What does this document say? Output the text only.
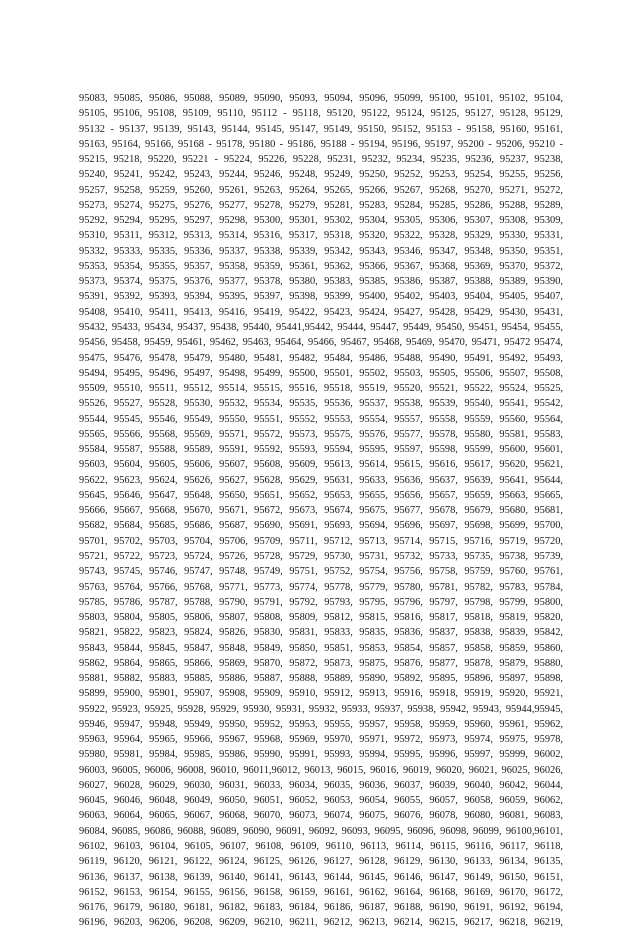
95083, 95085, 95086, 95088, 95089, 95090, 95093, 95094, 95096, 95099, 95100, 95101, 95102, 95104,
95105, 95106, 95108, 95109, 95110, 95112 - 95118, 95120, 95122, 95124, 95125, 95127, 95128, 95129,
95132 - 95137, 95139, 95143, 95144, 95145, 95147, 95149, 95150, 95152, 95153 - 95158, 95160, 95161,
95163, 95164, 95166, 95168 - 95178, 95180 - 95186, 95188 - 95194, 95196, 95197, 95200 - 95206, 95210 -
95215, 95218, 95220, 95221 - 95224, 95226, 95228, 95231, 95232, 95234, 95235, 95236, 95237, 95238,
95240, 95241, 95242, 95243, 95244, 95246, 95248, 95249, 95250, 95252, 95253, 95254, 95255, 95256,
95257, 95258, 95259, 95260, 95261, 95263, 95264, 95265, 95266, 95267, 95268, 95270, 95271, 95272,
95273, 95274, 95275, 95276, 95277, 95278, 95279, 95281, 95283, 95284, 95285, 95286, 95288, 95289,
95292, 95294, 95295, 95297, 95298, 95300, 95301, 95302, 95304, 95305, 95306, 95307, 95308, 95309,
95310, 95311, 95312, 95313, 95314, 95316, 95317, 95318, 95320, 95322, 95328, 95329, 95330, 95331,
95332, 95333, 95335, 95336, 95337, 95338, 95339, 95342, 95343, 95346, 95347, 95348, 95350, 95351,
95353, 95354, 95355, 95357, 95358, 95359, 95361, 95362, 95366, 95367, 95368, 95369, 95370, 95372,
95373, 95374, 95375, 95376, 95377, 95378, 95380, 95383, 95385, 95386, 95387, 95388, 95389, 95390,
95391, 95392, 95393, 95394, 95395, 95397, 95398, 95399, 95400, 95402, 95403, 95404, 95405, 95407,
95408, 95410, 95411, 95413, 95416, 95419, 95422, 95423, 95424, 95427, 95428, 95429, 95430, 95431,
95432, 95433, 95434, 95437, 95438, 95440, 95441,95442, 95444, 95447, 95449, 95450, 95451, 95454, 95455,
95456, 95458, 95459, 95461, 95462, 95463, 95464, 95466, 95467, 95468, 95469, 95470, 95471, 95472 95474,
95475, 95476, 95478, 95479, 95480, 95481, 95482, 95484, 95486, 95488, 95490, 95491, 95492, 95493,
95494, 95495, 95496, 95497, 95498, 95499, 95500, 95501, 95502, 95503, 95505, 95506, 95507, 95508,
95509, 95510, 95511, 95512, 95514, 95515, 95516, 95518, 95519, 95520, 95521, 95522, 95524, 95525,
95526, 95527, 95528, 95530, 95532, 95534, 95535, 95536, 95537, 95538, 95539, 95540, 95541, 95542,
95544, 95545, 95546, 95549, 95550, 95551, 95552, 95553, 95554, 95557, 95558, 95559, 95560, 95564,
95565, 95566, 95568, 95569, 95571, 95572, 95573, 95575, 95576, 95577, 95578, 95580, 95581, 95583,
95584, 95587, 95588, 95589, 95591, 95592, 95593, 95594, 95595, 95597, 95598, 95599, 95600, 95601,
95603, 95604, 95605, 95606, 95607, 95608, 95609, 95613, 95614, 95615, 95616, 95617, 95620, 95621,
95622, 95623, 95624, 95626, 95627, 95628, 95629, 95631, 95633, 95636, 95637, 95639, 95641, 95644,
95645, 95646, 95647, 95648, 95650, 95651, 95652, 95653, 95655, 95656, 95657, 95659, 95663, 95665,
95666, 95667, 95668, 95670, 95671, 95672, 95673, 95674, 95675, 95677, 95678, 95679, 95680, 95681,
95682, 95684, 95685, 95686, 95687, 95690, 95691, 95693, 95694, 95696, 95697, 95698, 95699, 95700,
95701, 95702, 95703, 95704, 95706, 95709, 95711, 95712, 95713, 95714, 95715, 95716, 95719, 95720,
95721, 95722, 95723, 95724, 95726, 95728, 95729, 95730, 95731, 95732, 95733, 95735, 95738, 95739,
95743, 95745, 95746, 95747, 95748, 95749, 95751, 95752, 95754, 95756, 95758, 95759, 95760, 95761,
95763, 95764, 95766, 95768, 95771, 95773, 95774, 95778, 95779, 95780, 95781, 95782, 95783, 95784,
95785, 95786, 95787, 95788, 95790, 95791, 95792, 95793, 95795, 95796, 95797, 95798, 95799, 95800,
95803, 95804, 95805, 95806, 95807, 95808, 95809, 95812, 95815, 95816, 95817, 95818, 95819, 95820,
95821, 95822, 95823, 95824, 95826, 95830, 95831, 95833, 95835, 95836, 95837, 95838, 95839, 95842,
95843, 95844, 95845, 95847, 95848, 95849, 95850, 95851, 95853, 95854, 95857, 95858, 95859, 95860,
95862, 95864, 95865, 95866, 95869, 95870, 95872, 95873, 95875, 95876, 95877, 95878, 95879, 95880,
95881, 95882, 95883, 95885, 95886, 95887, 95888, 95889, 95890, 95892, 95895, 95896, 95897, 95898,
95899, 95900, 95901, 95907, 95908, 95909, 95910, 95912, 95913, 95916, 95918, 95919, 95920, 95921,
95922, 95923, 95925, 95928, 95929, 95930, 95931, 95932, 95933, 95937, 95938, 95942, 95943, 95944,95945,
95946, 95947, 95948, 95949, 95950, 95952, 95953, 95955, 95957, 95958, 95959, 95960, 95961, 95962,
95963, 95964, 95965, 95966, 95967, 95968, 95969, 95970, 95971, 95972, 95973, 95974, 95975, 95978,
95980, 95981, 95984, 95985, 95986, 95990, 95991, 95993, 95994, 95995, 95996, 95997, 95999, 96002,
96003, 96005, 96006, 96008, 96010, 96011,96012, 96013, 96015, 96016, 96019, 96020, 96021, 96025, 96026,
96027, 96028, 96029, 96030, 96031, 96033, 96034, 96035, 96036, 96037, 96039, 96040, 96042, 96044,
96045, 96046, 96048, 96049, 96050, 96051, 96052, 96053, 96054, 96055, 96057, 96058, 96059, 96062,
96063, 96064, 96065, 96067, 96068, 96070, 96073, 96074, 96075, 96076, 96078, 96080, 96081, 96083,
96084, 96085, 96086, 96088, 96089, 96090, 96091, 96092, 96093, 96095, 96096, 96098, 96099, 96100,96101,
96102, 96103, 96104, 96105, 96107, 96108, 96109, 96110, 96113, 96114, 96115, 96116, 96117, 96118,
96119, 96120, 96121, 96122, 96124, 96125, 96126, 96127, 96128, 96129, 96130, 96133, 96134, 96135,
96136, 96137, 96138, 96139, 96140, 96141, 96143, 96144, 96145, 96146, 96147, 96149, 96150, 96151,
96152, 96153, 96154, 96155, 96156, 96158, 96159, 96161, 96162, 96164, 96168, 96169, 96170, 96172,
96176, 96179, 96180, 96181, 96182, 96183, 96184, 96186, 96187, 96188, 96190, 96191, 96192, 96194,
96196, 96203, 96206, 96208, 96209, 96210, 96211, 96212, 96213, 96214, 96215, 96217, 96218, 96219,
